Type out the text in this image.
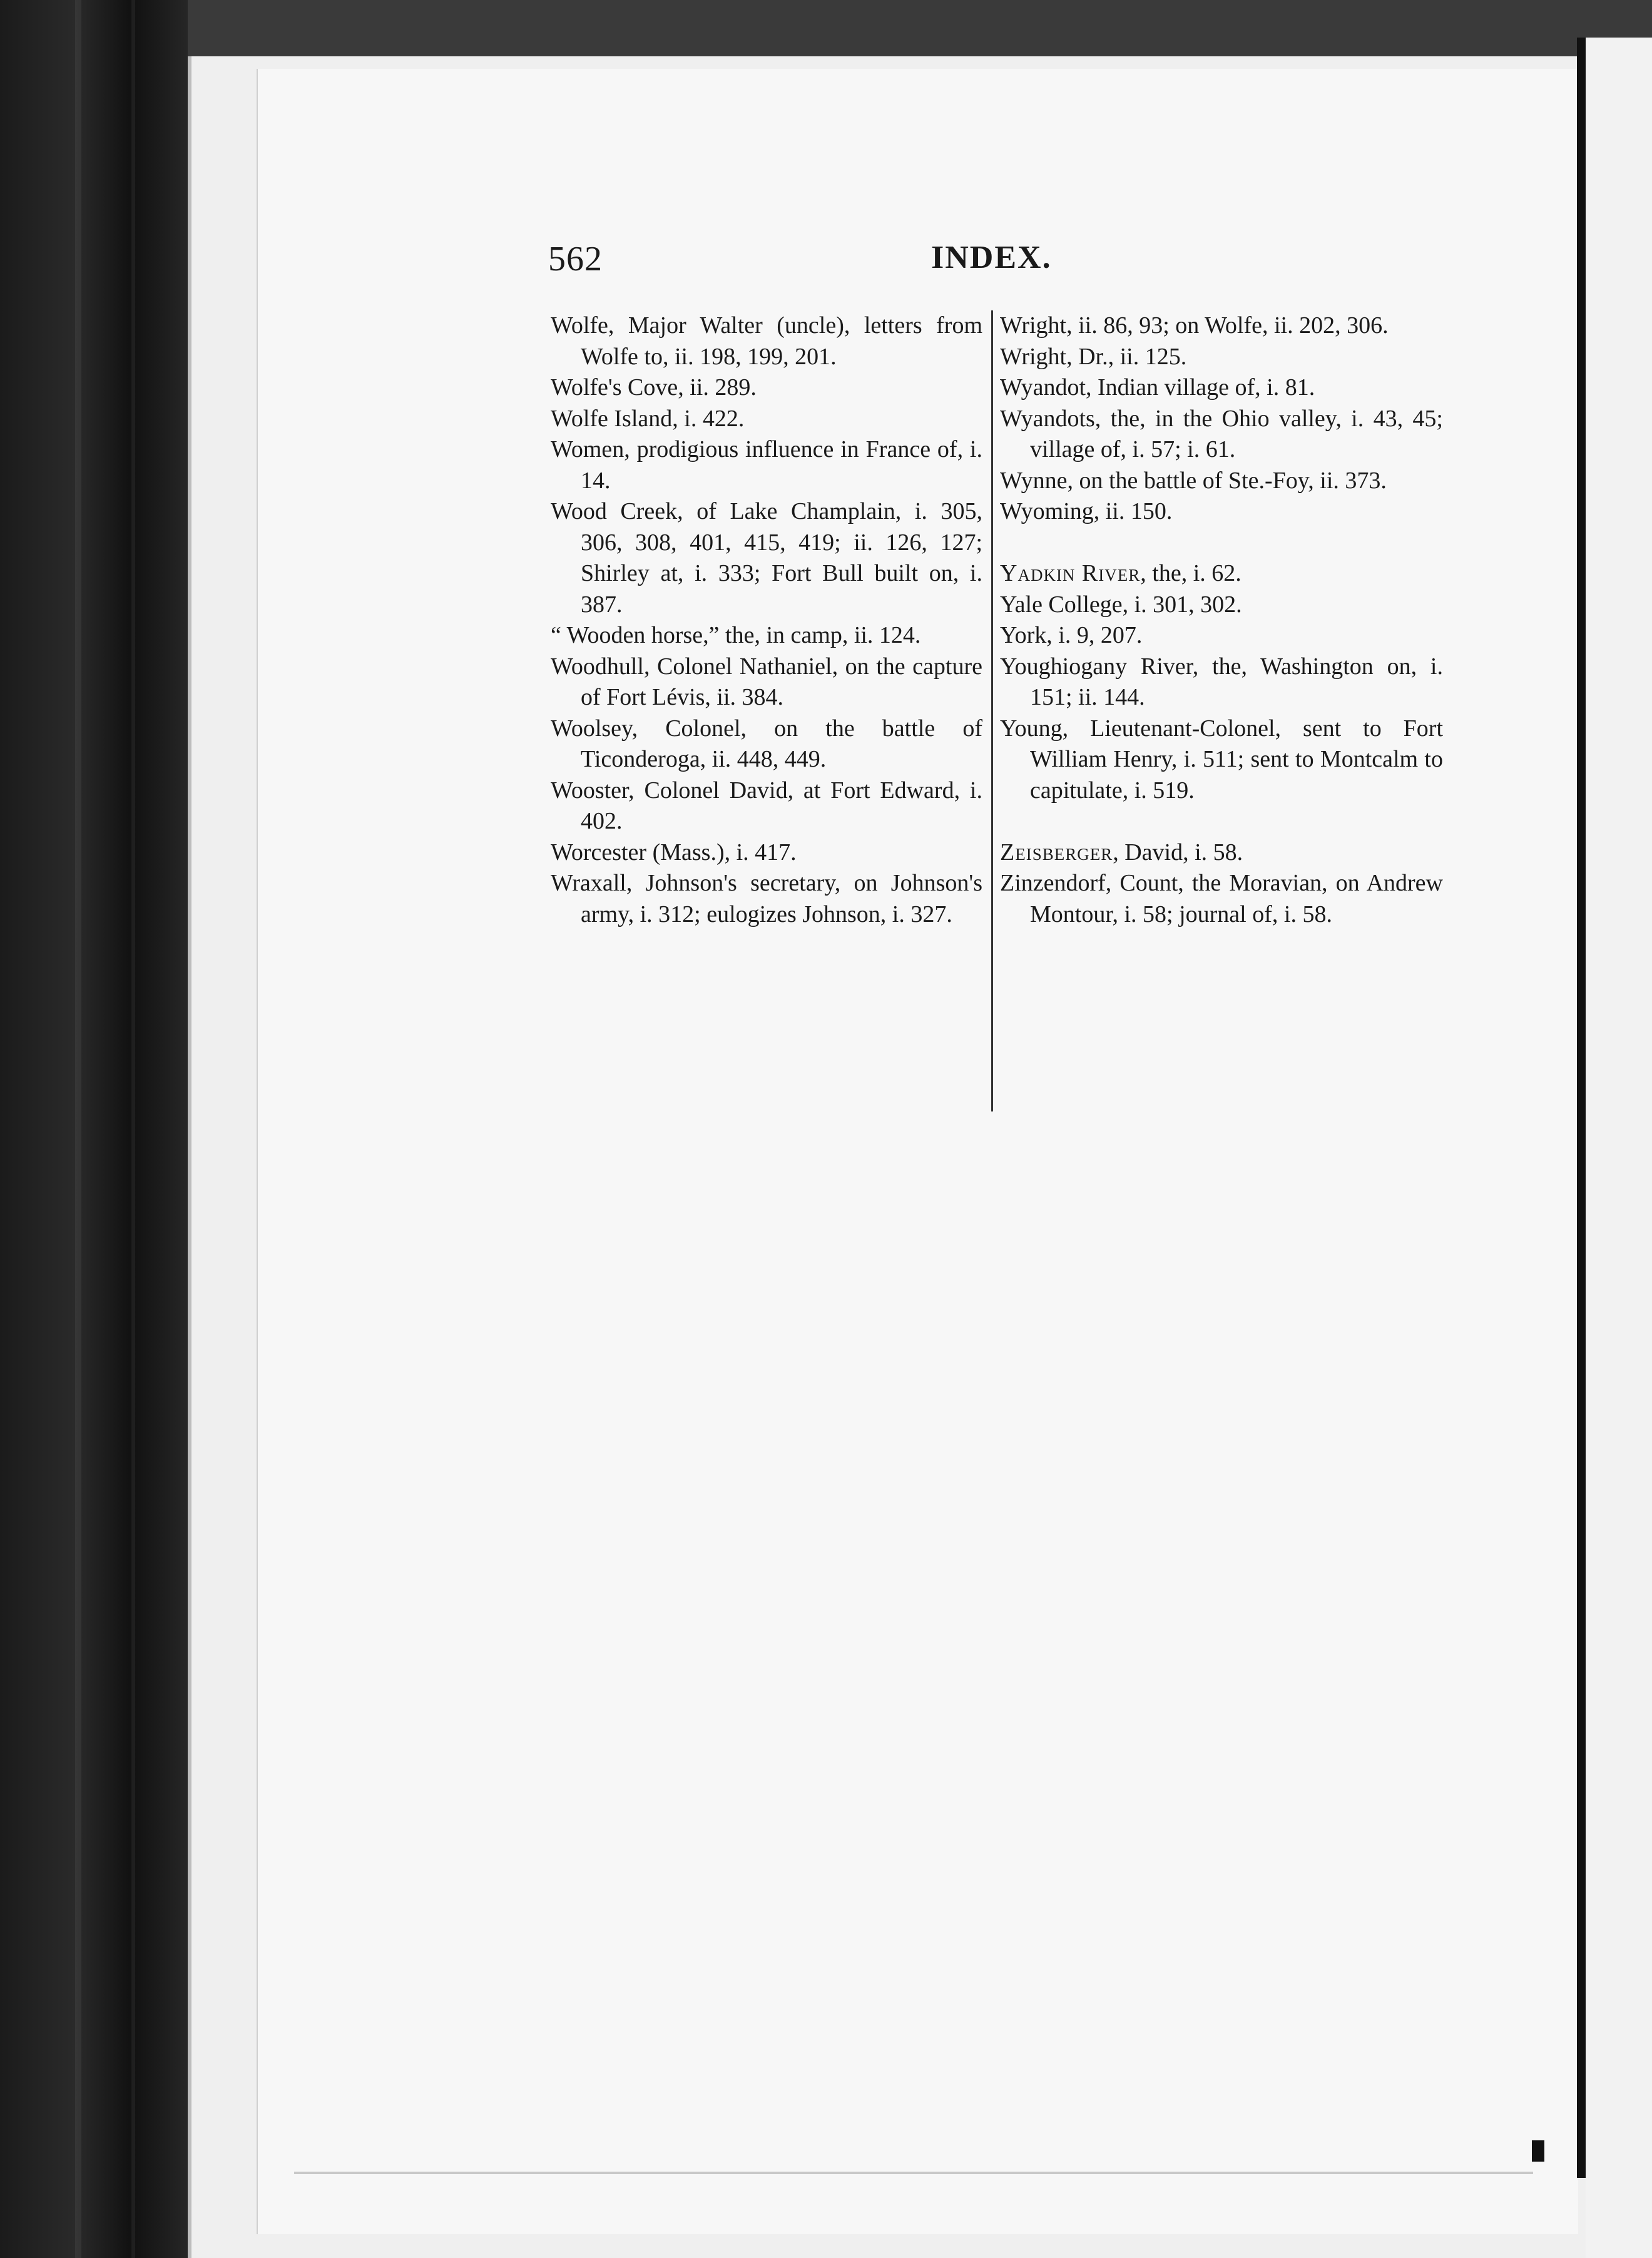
562	INDEX.
Wolfe, Major Walter (uncle), letters from Wolfe to, ii. 198, 199, 201.
Wolfe's Cove, ii. 289.
Wolfe Island, i. 422.
Women, prodigious influence in France of, i. 14.
Wood Creek, of Lake Champlain, i. 305, 306, 308, 401, 415, 419; ii. 126, 127; Shirley at, i. 333; Fort Bull built on, i. 387.
“ Wooden horse,” the, in camp, ii. 124.
Woodhull, Colonel Nathaniel, on the capture of Fort Lévis, ii. 384.
Woolsey, Colonel, on the battle of Ticonderoga, ii. 448, 449.
Wooster, Colonel David, at Fort Edward, i. 402.
Worcester (Mass.), i. 417.
Wraxall, Johnson's secretary, on Johnson's army, i. 312; eulogizes Johnson, i. 327.
Wright, ii. 86, 93; on Wolfe, ii. 202, 306.
Wright, Dr., ii. 125.
Wyandot, Indian village of, i. 81.
Wyandots, the, in the Ohio valley, i. 43, 45; village of, i. 57; i. 61.
Wynne, on the battle of Ste.-Foy, ii. 373.
Wyoming, ii. 150.
Yadkin River, the, i. 62.
Yale College, i. 301, 302.
York, i. 9, 207.
Youghiogany River, the, Washington on, i. 151; ii. 144.
Young, Lieutenant-Colonel, sent to Fort William Henry, i. 511; sent to Montcalm to capitulate, i. 519.
Zeisberger, David, i. 58.
Zinzendorf, Count, the Moravian, on Andrew Montour, i. 58; journal of, i. 58.
